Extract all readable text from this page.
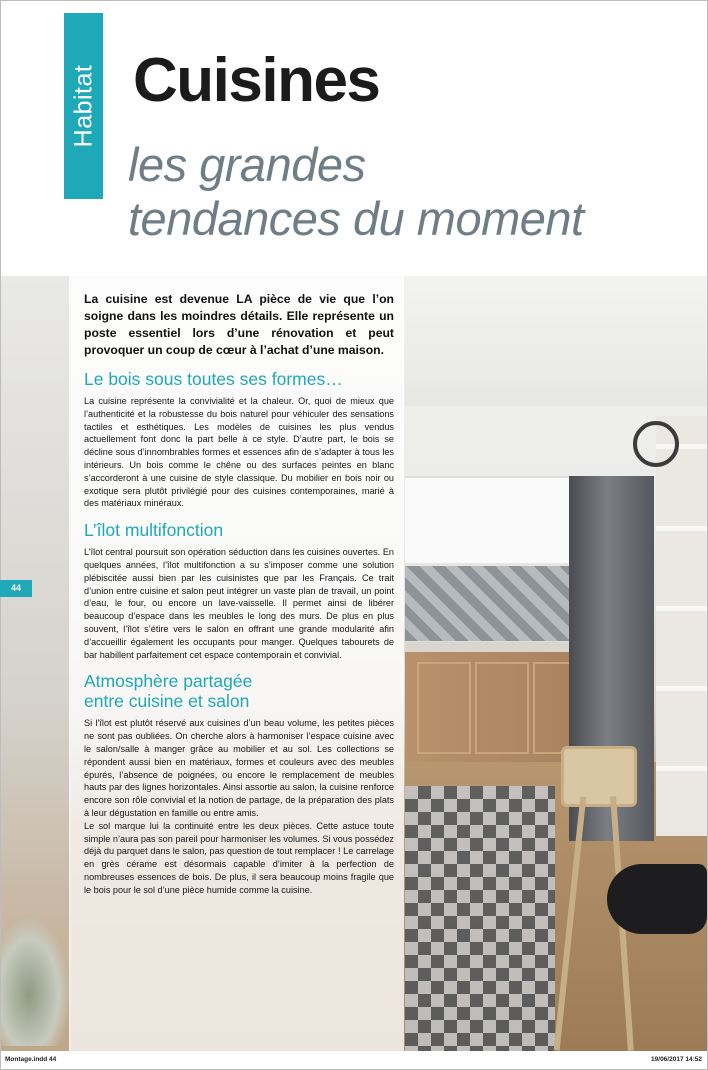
Habitat Cuisines

les grandes tendances du moment

44

La cuisine est devenue LA pièce de vie que l’on soigne dans les moindres détails. Elle représente un poste essentiel lors d’une rénovation et peut provoquer un coup de cœur à l’achat d’une maison.

Le bois sous toutes ses formes…

La cuisine représente la convivialité et la chaleur. Or, quoi de mieux que l’authenticité et la robustesse du bois naturel pour véhiculer des sensations tactiles et esthétiques. Les modèles de cuisines les plus vendus actuellement font donc la part belle à ce style. D’autre part, le bois se décline sous d’innombrables formes et essences afin de s’adapter à tous les intérieurs. Un bois comme le chêne ou des surfaces peintes en blanc s’accorderont à une cuisine de style classique. Du mobilier en bois noir ou exotique sera plutôt privilégié pour des cuisines contemporaines, marié à des matériaux minéraux.

L’îlot multifonction

L’îlot central poursuit son opération séduction dans les cuisines ouvertes. En quelques années, l’îlot multifonction a su s’imposer comme une solution plébiscitée aussi bien par les cuisinistes que par les Français. Ce trait d’union entre cuisine et salon peut intégrer un vaste plan de travail, un point d’eau, le four, ou encore un lave-vaisselle. Il permet ainsi de libérer beaucoup d’espace dans les meubles le long des murs. De plus en plus souvent, l’îlot s’étire vers le salon en offrant une grande modularité afin d’accueillir également les occupants pour manger. Quelques tabourets de bar habillent parfaitement cet espace contemporain et convivial.

Atmosphère partagée entre cuisine et salon

Si l’îlot est plutôt réservé aux cuisines d’un beau volume, les petites pièces ne sont pas oubliées. On cherche alors à harmoniser l’espace cuisine avec le salon/salle à manger grâce au mobilier et au sol. Les collections se répondent aussi bien en matériaux, formes et couleurs avec des meubles épurés, l’absence de poignées, ou encore le remplacement de meubles hauts par des lignes horizontales. Ainsi assortie au salon, la cuisine renforce encore son rôle convivial et la notion de partage, de la préparation des plats à leur dégustation en famille ou entre amis.

Le sol marque lui la continuité entre les deux pièces. Cette astuce toute simple n’aura pas son pareil pour harmoniser les volumes. Si vous possédez déjà du parquet dans le salon, pas question de tout remplacer ! Le carrelage en grès cérame est désormais capable d’imiter à la perfection de nombreuses essences de bois. De plus, il sera beaucoup moins fragile que le bois pour le sol d’une pièce humide comme la cuisine.

Montage.indd 44	19/06/2017 14:52
